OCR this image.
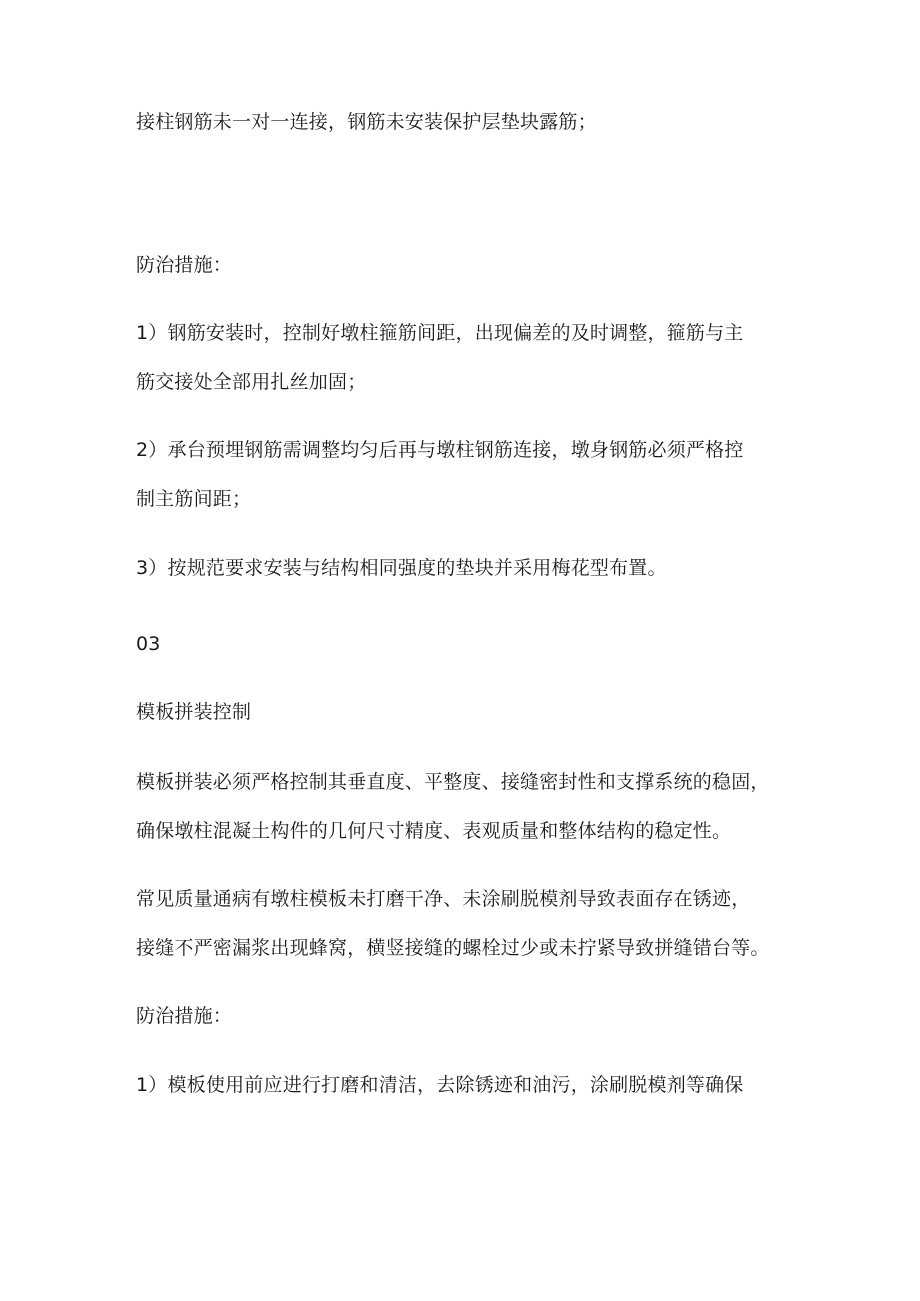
接柱钢筋未一对一连接，钢筋未安装保护层垫块露筋；
防治措施：
1）钢筋安装时，控制好墩柱箍筋间距，出现偏差的及时调整，箍筋与主
筋交接处全部用扎丝加固；
2）承台预埋钢筋需调整均匀后再与墩柱钢筋连接，墩身钢筋必须严格控
制主筋间距；
3）按规范要求安装与结构相同强度的垫块并采用梅花型布置。
03
模板拼装控制
模板拼装必须严格控制其垂直度、平整度、接缝密封性和支撑系统的稳固，
确保墩柱混凝土构件的几何尺寸精度、表观质量和整体结构的稳定性。
常见质量通病有墩柱模板未打磨干净、未涂刷脱模剂导致表面存在锈迹，
接缝不严密漏浆出现蜂窝，横竖接缝的螺栓过少或未拧紧导致拼缝错台等。
防治措施：
1）模板使用前应进行打磨和清洁，去除锈迹和油污，涂刷脱模剂等确保
